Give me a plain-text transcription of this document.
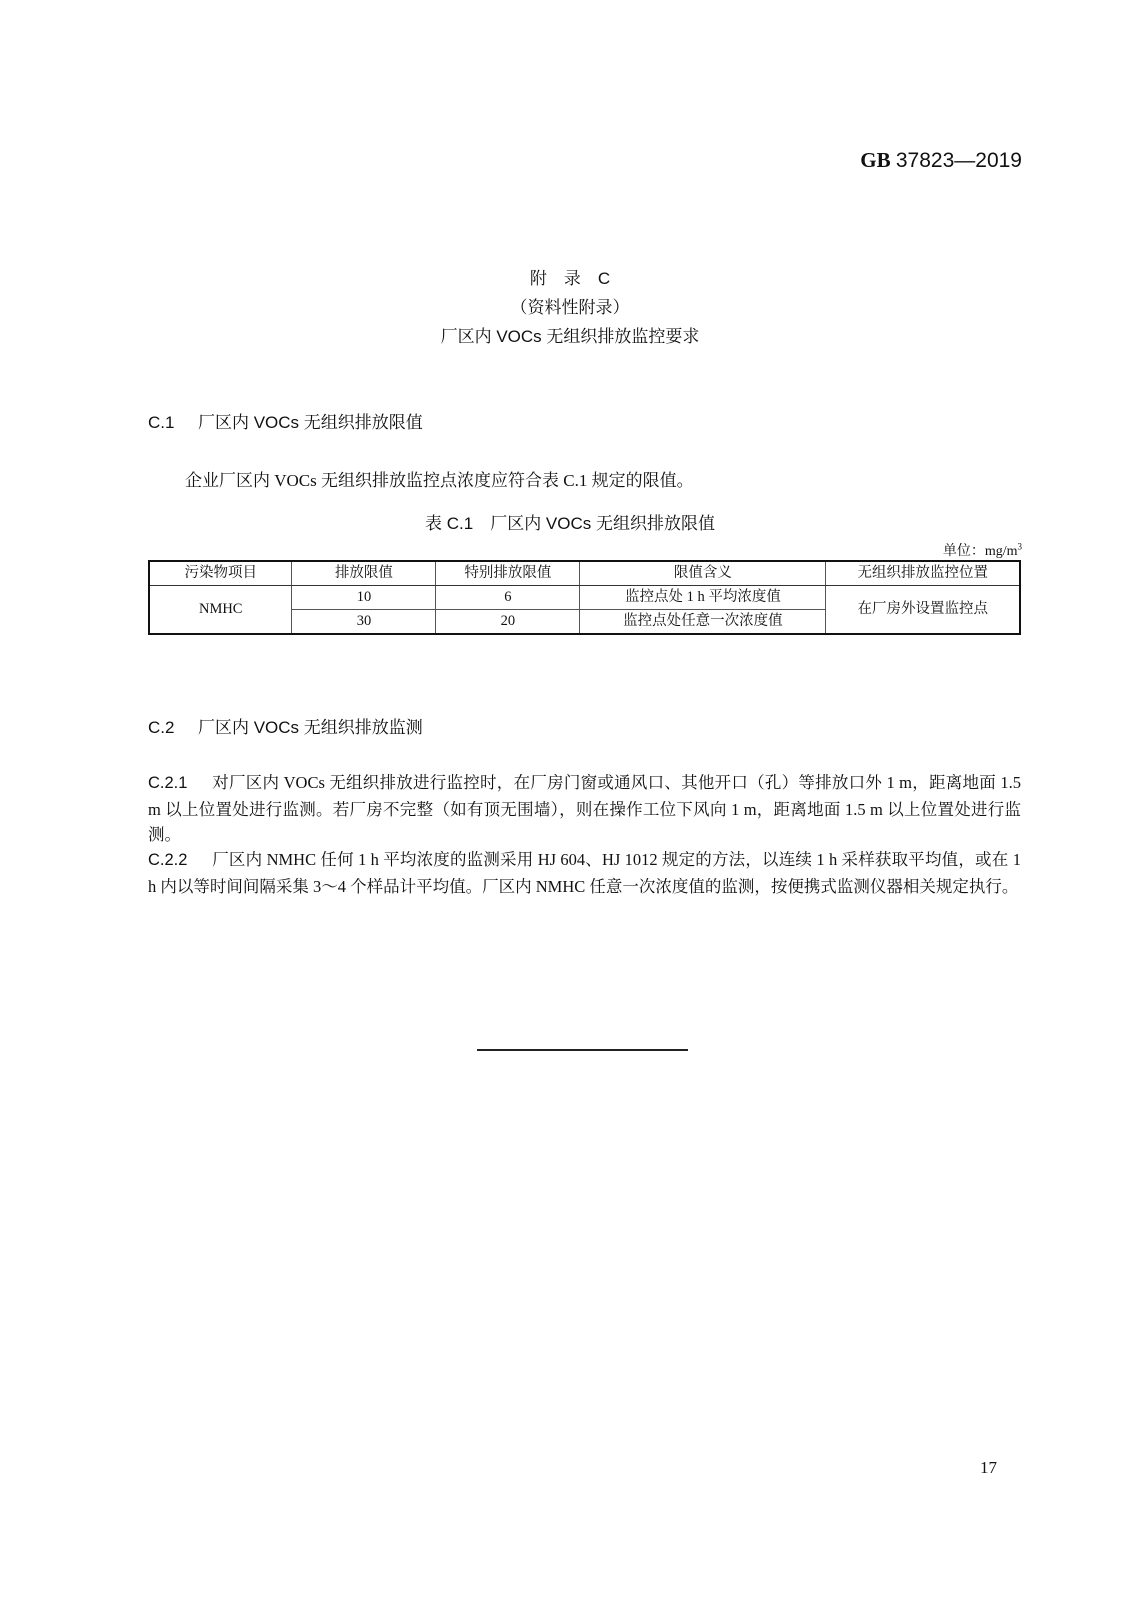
GB 37823—2019
附  录  C
（资料性附录）
厂区内 VOCs 无组织排放监控要求
C.1 厂区内 VOCs 无组织排放限值
企业厂区内 VOCs 无组织排放监控点浓度应符合表 C.1 规定的限值。
表 C.1　厂区内 VOCs 无组织排放限值
单位：$mg/m^3$
污染物项目	排放限值	特别排放限值	限值含义	无组织排放监控位置
NMHC	10	6	监控点处 1 h 平均浓度值	在厂房外设置监控点
	30	20	监控点处任意一次浓度值	
C.2 厂区内 VOCs 无组织排放监测
C.2.1 对厂区内 VOCs 无组织排放进行监控时，在厂房门窗或通风口、其他开口（孔）等排放口外 1 m，距离地面 1.5 m 以上位置处进行监测。若厂房不完整（如有顶无围墙），则在操作工位下风向 1 m，距离地面 1.5 m 以上位置处进行监测。
C.2.2 厂区内 NMHC 任何 1 h 平均浓度的监测采用 HJ 604、HJ 1012 规定的方法，以连续 1 h 采样获取平均值，或在 1 h 内以等时间间隔采集 3～4 个样品计平均值。厂区内 NMHC 任意一次浓度值的监测，按便携式监测仪器相关规定执行。
17
